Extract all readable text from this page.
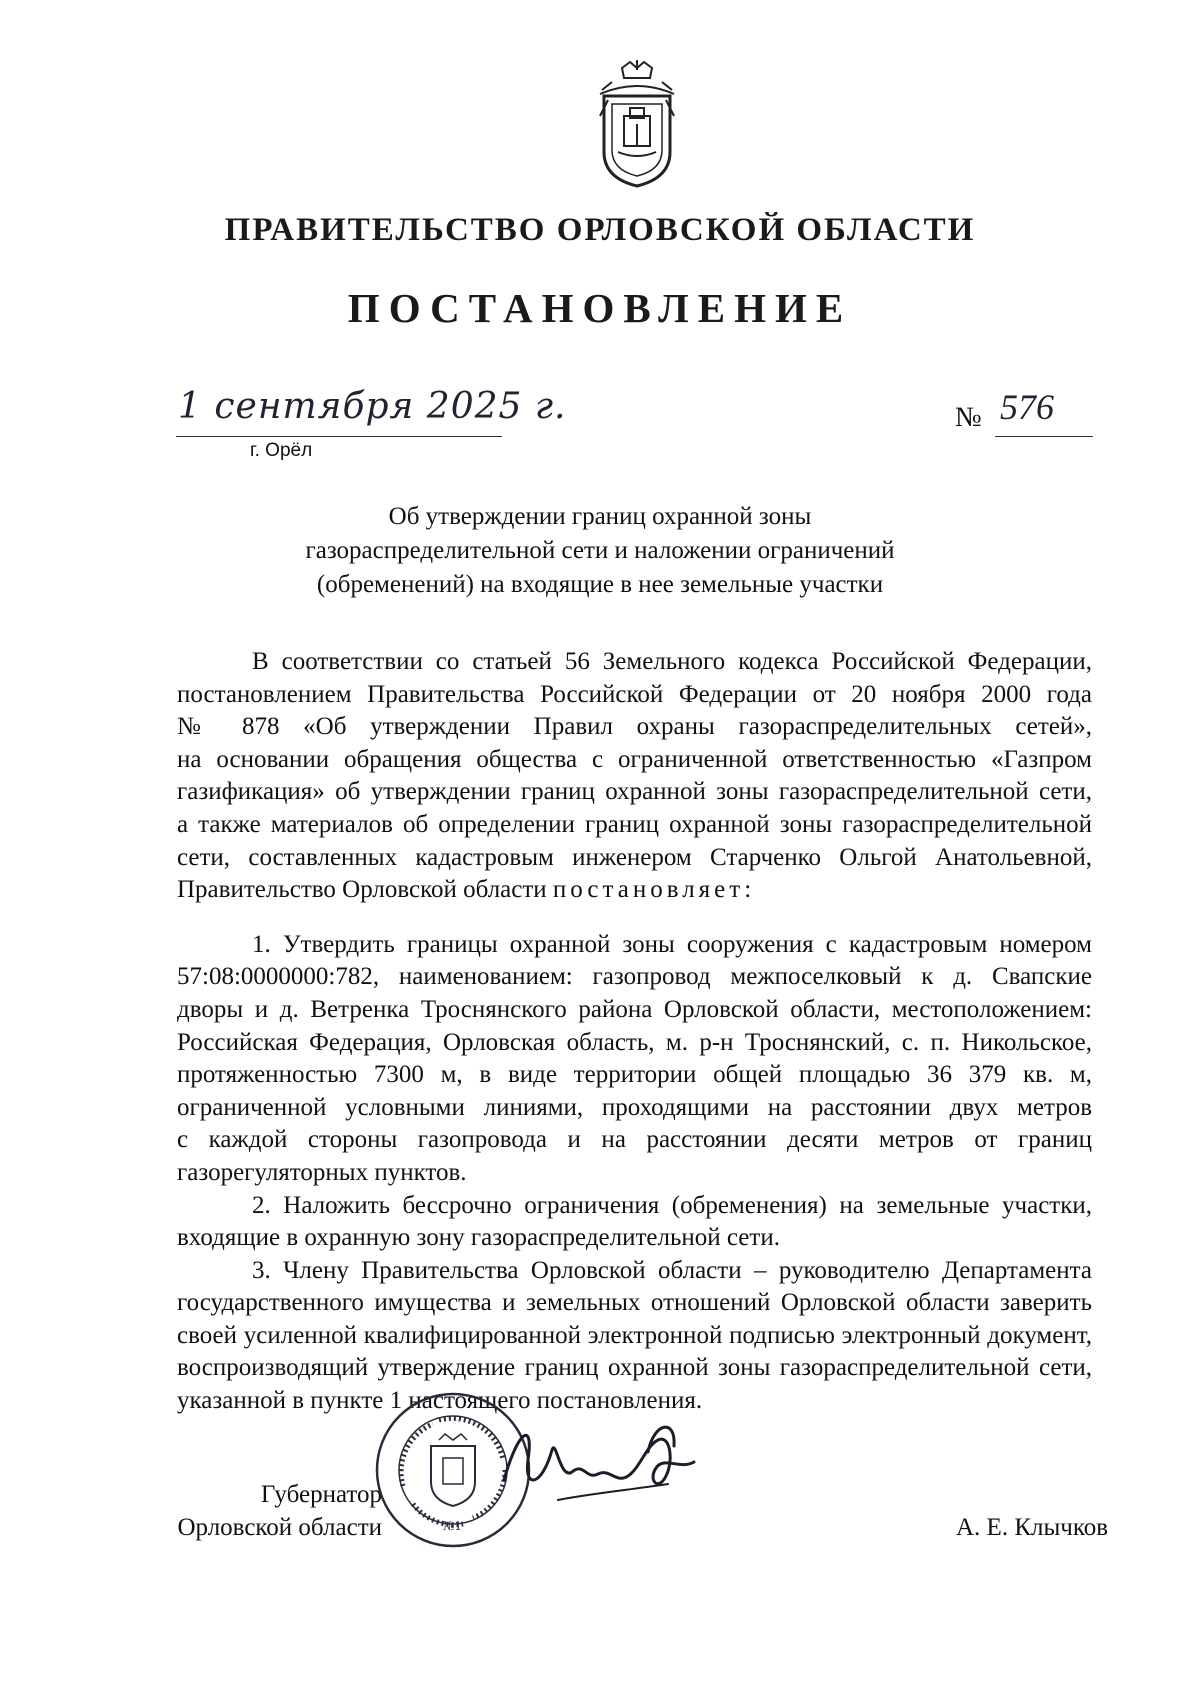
ПРАВИТЕЛЬСТВО ОРЛОВСКОЙ ОБЛАСТИ
ПОСТАНОВЛЕНИЕ
1 сентября 2025 г.
г. Орёл
№ 576
Об утверждении границ охранной зоны
газораспределительной сети и наложении ограничений
(обременений) на входящие в нее земельные участки
В соответствии со статьей 56 Земельного кодекса Российской Федерации,
постановлением Правительства Российской Федерации от 20 ноября 2000 года
№ 878 «Об утверждении Правил охраны газораспределительных сетей»,
на основании обращения общества с ограниченной ответственностью «Газпром
газификация» об утверждении границ охранной зоны газораспределительной сети,
а также материалов об определении границ охранной зоны газораспределительной
сети, составленных кадастровым инженером Старченко Ольгой Анатольевной,
Правительство Орловской области постановляет:
1. Утвердить границы охранной зоны сооружения с кадастровым номером
57:08:0000000:782, наименованием: газопровод межпоселковый к д. Свапские
дворы и д. Ветренка Троснянского района Орловской области, местоположением:
Российская Федерация, Орловская область, м. р-н Троснянский, с. п. Никольское,
протяженностью 7300 м, в виде территории общей площадью 36 379 кв. м,
ограниченной условными линиями, проходящими на расстоянии двух метров
с каждой стороны газопровода и на расстоянии десяти метров от границ
газорегуляторных пунктов.
2. Наложить бессрочно ограничения (обременения) на земельные участки,
входящие в охранную зону газораспределительной сети.
3. Члену Правительства Орловской области – руководителю Департамента
государственного имущества и земельных отношений Орловской области заверить
своей усиленной квалифицированной электронной подписью электронный документ,
воспроизводящий утверждение границ охранной зоны газораспределительной сети,
указанной в пункте 1 настоящего постановления.
Губернатор
Орловской области	№1	А. Е. Клычков
